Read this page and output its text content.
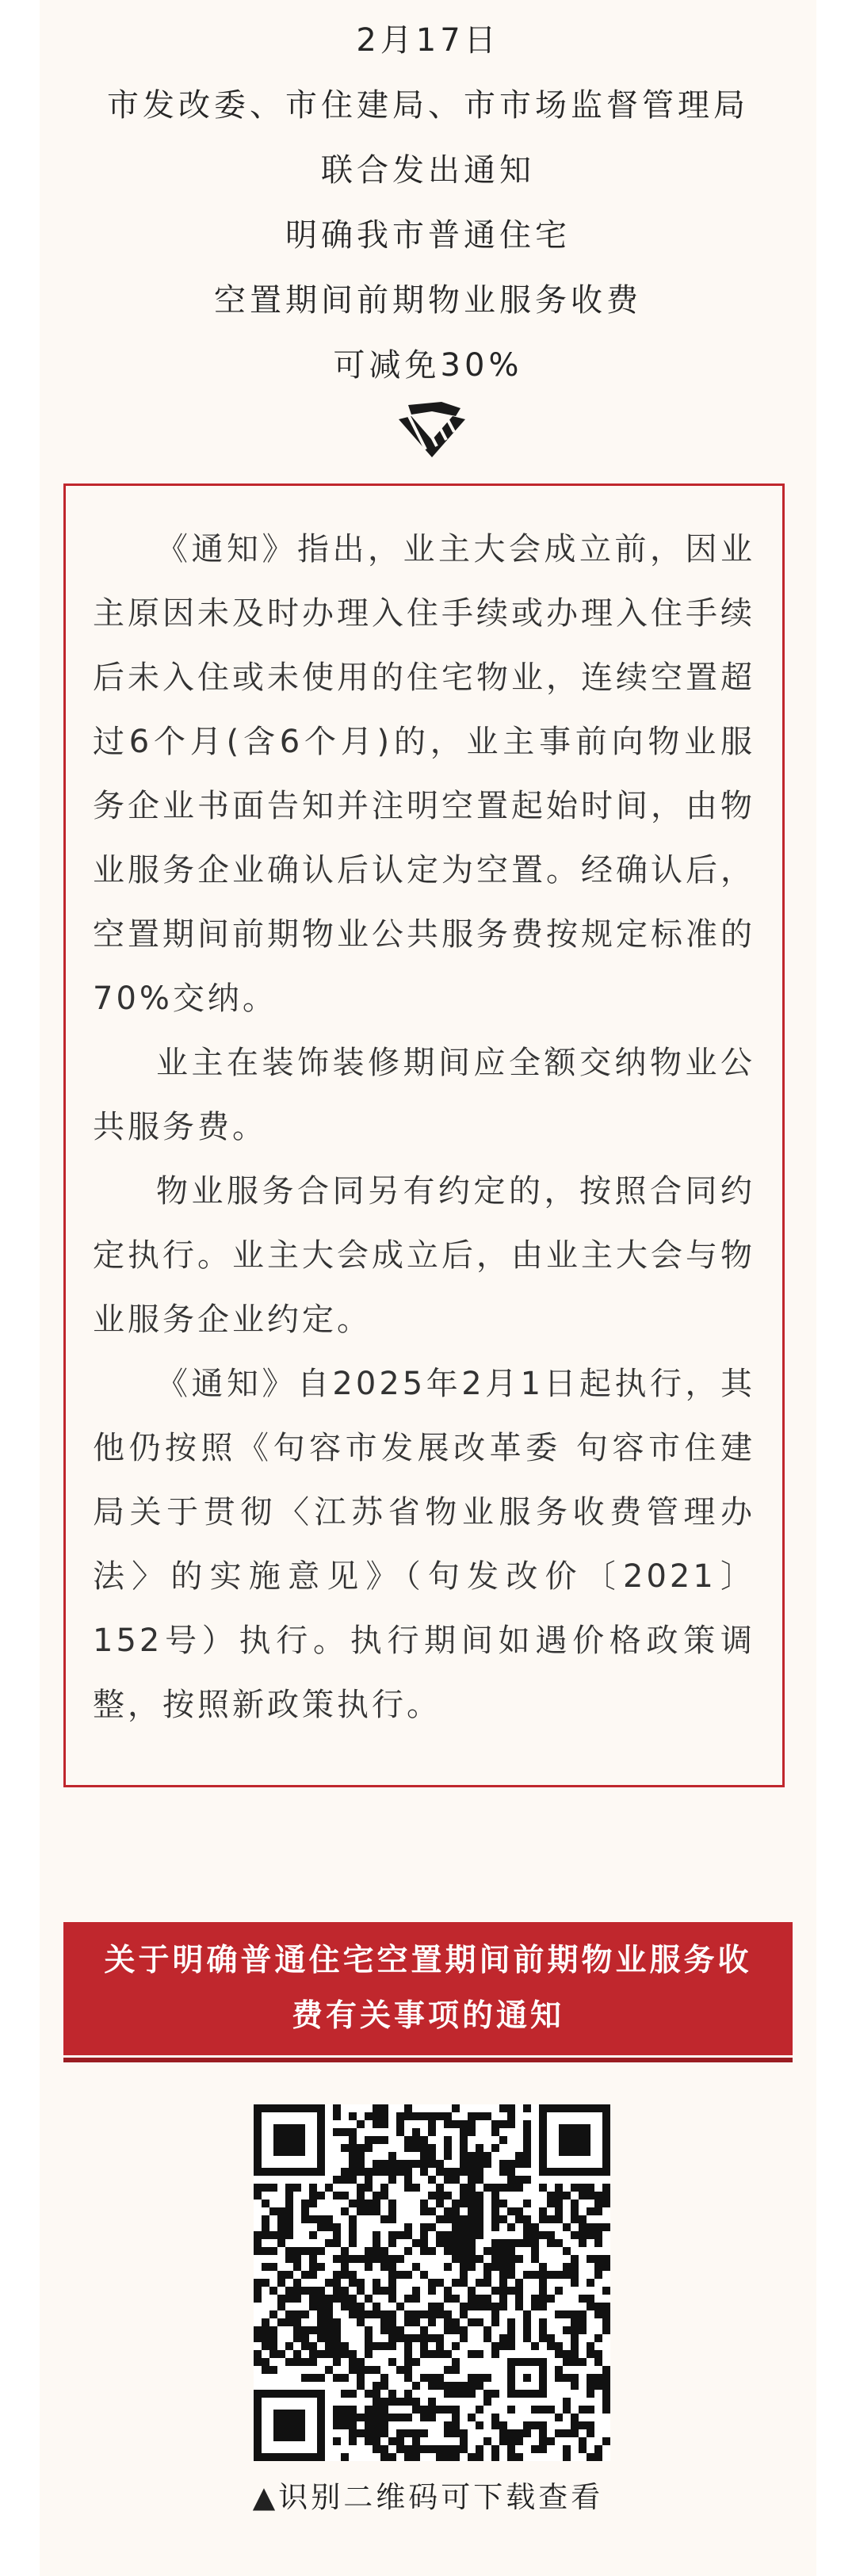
2月17日

市发改委、市住建局、市市场监督管理局

联合发出通知

明确我市普通住宅

空置期间前期物业服务收费

可减免30%

《通知》指出，业主大会成立前，因业主原因未及时办理入住手续或办理入住手续后未入住或未使用的住宅物业，连续空置超过6个月(含6个月)的，业主事前向物业服务企业书面告知并注明空置起始时间，由物业服务企业确认后认定为空置。经确认后，空置期间前期物业公共服务费按规定标准的70%交纳。

业主在装饰装修期间应全额交纳物业公共服务费。

物业服务合同另有约定的，按照合同约定执行。业主大会成立后，由业主大会与物业服务企业约定。

《通知》自2025年2月1日起执行，其他仍按照《句容市发展改革委 句容市住建局关于贯彻〈江苏省物业服务收费管理办法〉的实施意见》（句发改价〔2021〕152号）执行。执行期间如遇价格政策调整，按照新政策执行。

关于明确普通住宅空置期间前期物业服务收
费有关事项的通知
▲识别二维码可下载查看
